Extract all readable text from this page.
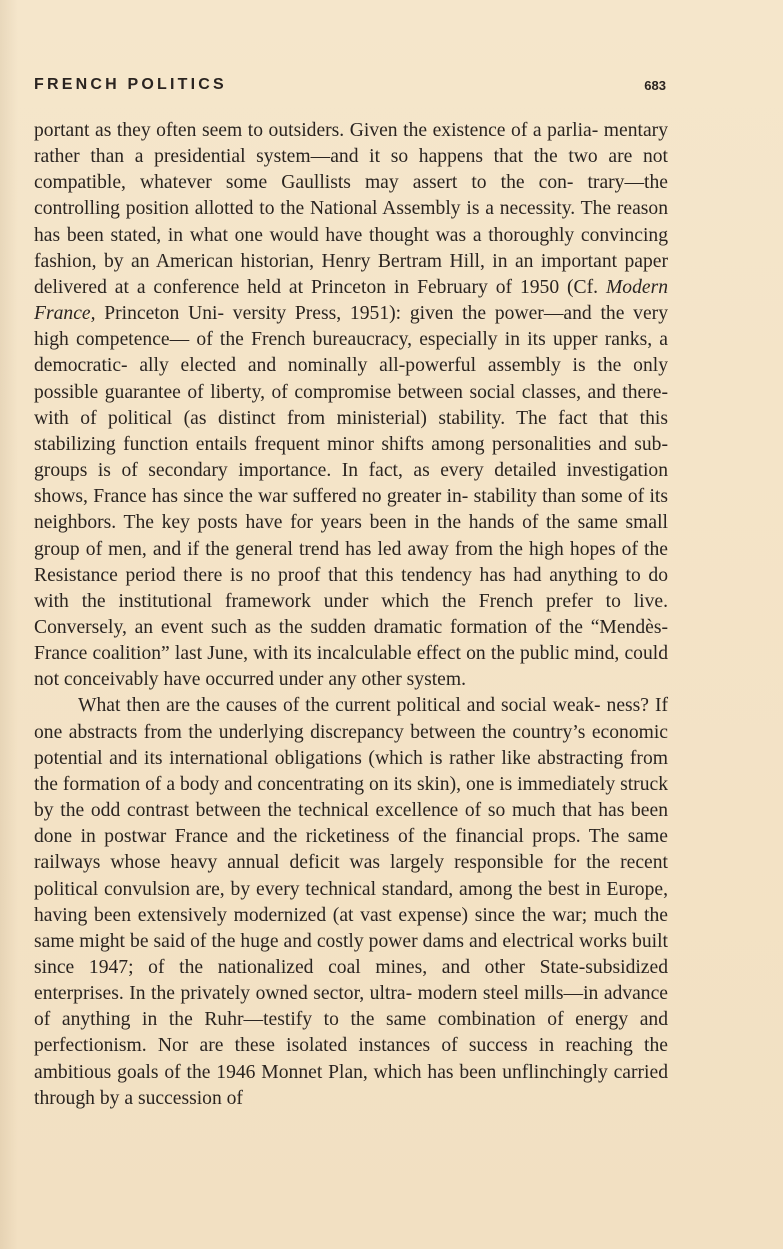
FRENCH POLITICS	683

portant as they often seem to outsiders. Given the existence of a parlia- mentary rather than a presidential system—and it so happens that the two are not compatible, whatever some Gaullists may assert to the con- trary—the controlling position allotted to the National Assembly is a necessity. The reason has been stated, in what one would have thought was a thoroughly convincing fashion, by an American historian, Henry Bertram Hill, in an important paper delivered at a conference held at Princeton in February of 1950 (Cf. Modern France, Princeton Uni- versity Press, 1951): given the power—and the very high competence— of the French bureaucracy, especially in its upper ranks, a democratic- ally elected and nominally all-powerful assembly is the only possible guarantee of liberty, of compromise between social classes, and there- with of political (as distinct from ministerial) stability. The fact that this stabilizing function entails frequent minor shifts among personalities and sub-groups is of secondary importance. In fact, as every detailed investigation shows, France has since the war suffered no greater in- stability than some of its neighbors. The key posts have for years been in the hands of the same small group of men, and if the general trend has led away from the high hopes of the Resistance period there is no proof that this tendency has had anything to do with the institutional framework under which the French prefer to live. Conversely, an event such as the sudden dramatic formation of the “Mendès-France coalition” last June, with its incalculable effect on the public mind, could not conceivably have occurred under any other system.

What then are the causes of the current political and social weak- ness? If one abstracts from the underlying discrepancy between the country’s economic potential and its international obligations (which is rather like abstracting from the formation of a body and concentrating on its skin), one is immediately struck by the odd contrast between the technical excellence of so much that has been done in postwar France and the ricketiness of the financial props. The same railways whose heavy annual deficit was largely responsible for the recent political convulsion are, by every technical standard, among the best in Europe, having been extensively modernized (at vast expense) since the war; much the same might be said of the huge and costly power dams and electrical works built since 1947; of the nationalized coal mines, and other State-subsidized enterprises. In the privately owned sector, ultra- modern steel mills—in advance of anything in the Ruhr—testify to the same combination of energy and perfectionism. Nor are these isolated instances of success in reaching the ambitious goals of the 1946 Monnet Plan, which has been unflinchingly carried through by a succession of
